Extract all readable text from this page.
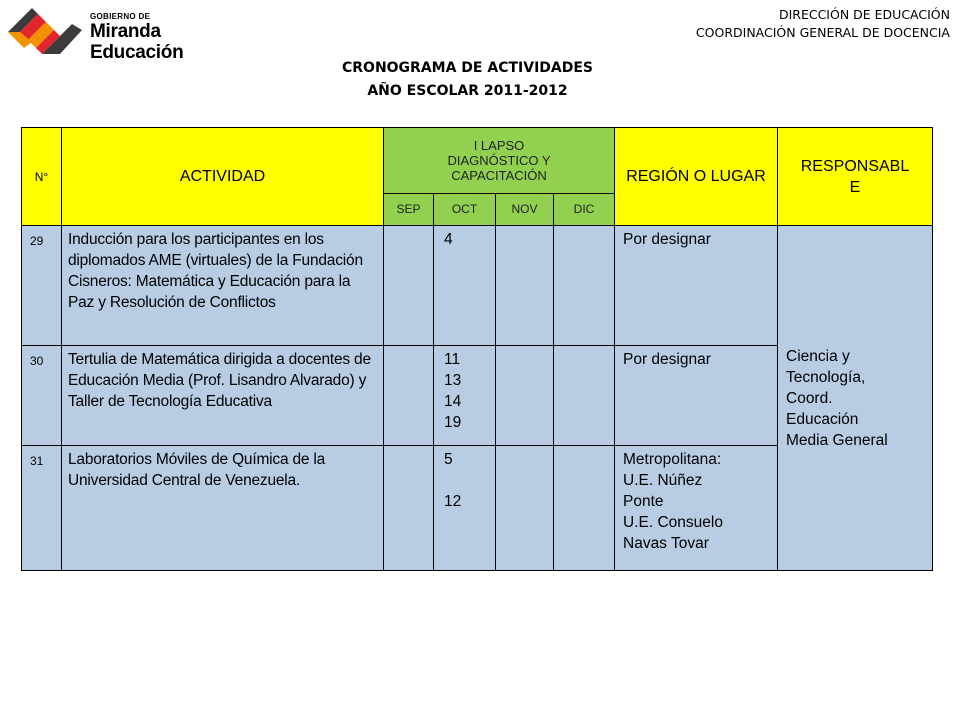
GOBIERNO DE
Miranda
Educación
DIRECCIÓN DE EDUCACIÓN
COORDINACIÓN GENERAL DE DOCENCIA
CRONOGRAMA DE ACTIVIDADES
AÑO ESCOLAR 2011-2012
N°	ACTIVIDAD	I LAPSO
DIAGNÓSTICO Y
CAPACITACIÓN				REGIÓN O LUGAR	RESPONSABL
E

		SEP	OCT	NOV	DIC		
29	Inducción para los participantes en los diplomados AME (virtuales) de la Fundación Cisneros: Matemática y Educación para la Paz y Resolución de Conflictos		4			Por designar	Ciencia y
Tecnología,
Coord.
Educación
Media General

30	Tertulia de Matemática dirigida a docentes de Educación Media (Prof. Lisandro Alvarado) y Taller de Tecnología Educativa		11
13
14
19			Por designar	

31	Laboratorios Móviles de Química de la Universidad Central de Venezuela.		5
12			Metropolitana:
U.E. Núñez
Ponte
U.E. Consuelo
Navas Tovar	
